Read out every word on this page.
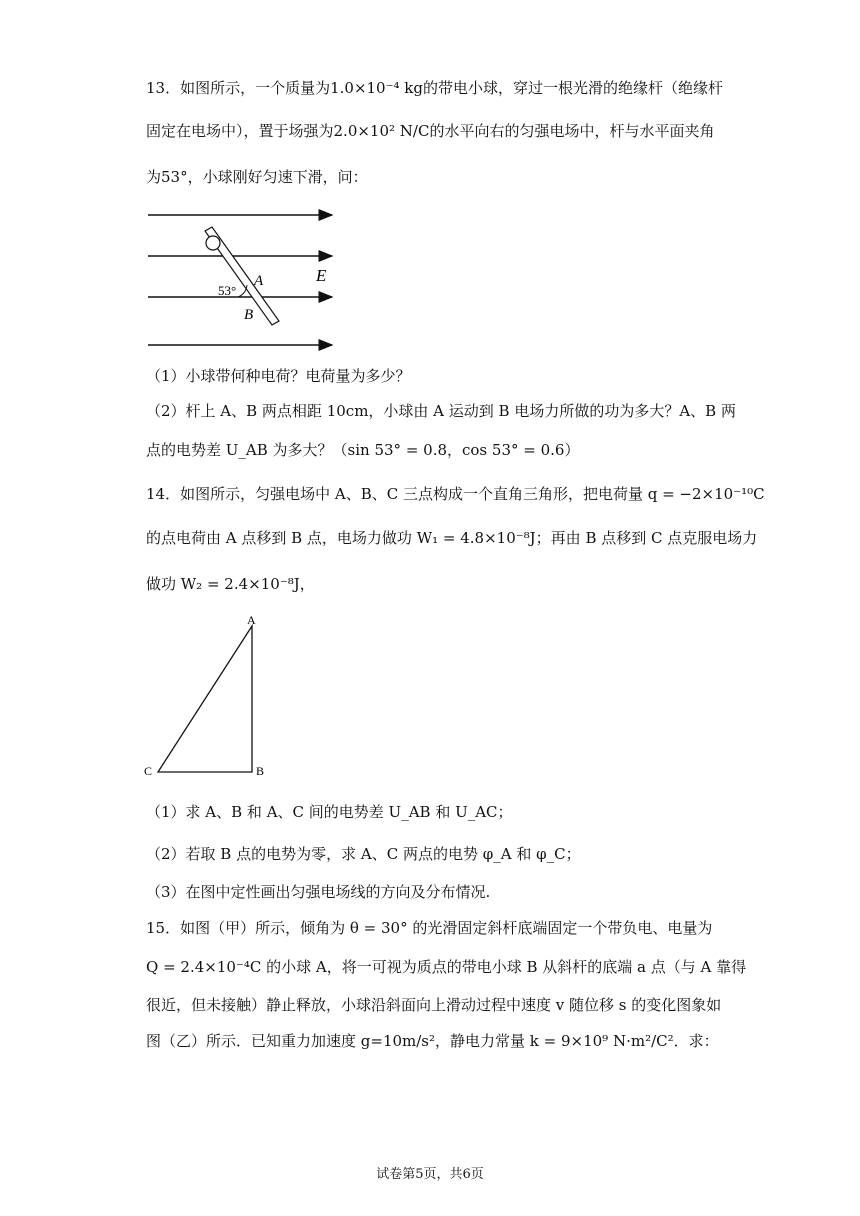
13．如图所示，一个质量为1.0×10⁻⁴ kg的带电小球，穿过一根光滑的绝缘杆（绝缘杆
固定在电场中），置于场强为2.0×10² N/C的水平向右的匀强电场中，杆与水平面夹角
为53°，小球刚好匀速下滑，问：
53°
A
B
E
（1）小球带何种电荷？电荷量为多少？
（2）杆上 A、B 两点相距 10cm，小球由 A 运动到 B 电场力所做的功为多大？A、B 两
点的电势差 U_AB 为多大？（sin 53° = 0.8，cos 53° = 0.6）
14．如图所示，匀强电场中 A、B、C 三点构成一个直角三角形，把电荷量 q = −2×10⁻¹⁰C
的点电荷由 A 点移到 B 点，电场力做功 W₁ = 4.8×10⁻⁸J；再由 B 点移到 C 点克服电场力
做功 W₂ = 2.4×10⁻⁸J，
A
B
C
（1）求 A、B 和 A、C 间的电势差 U_AB 和 U_AC；
（2）若取 B 点的电势为零，求 A、C 两点的电势 φ_A 和 φ_C；
（3）在图中定性画出匀强电场线的方向及分布情况.
15．如图（甲）所示，倾角为 θ = 30° 的光滑固定斜杆底端固定一个带负电、电量为
Q = 2.4×10⁻⁴C 的小球 A，将一可视为质点的带电小球 B 从斜杆的底端 a 点（与 A 靠得
很近，但未接触）静止释放，小球沿斜面向上滑动过程中速度 v 随位移 s 的变化图象如
图（乙）所示．已知重力加速度 g=10m/s²，静电力常量 k = 9×10⁹ N·m²/C²．求：
试卷第5页，共6页
